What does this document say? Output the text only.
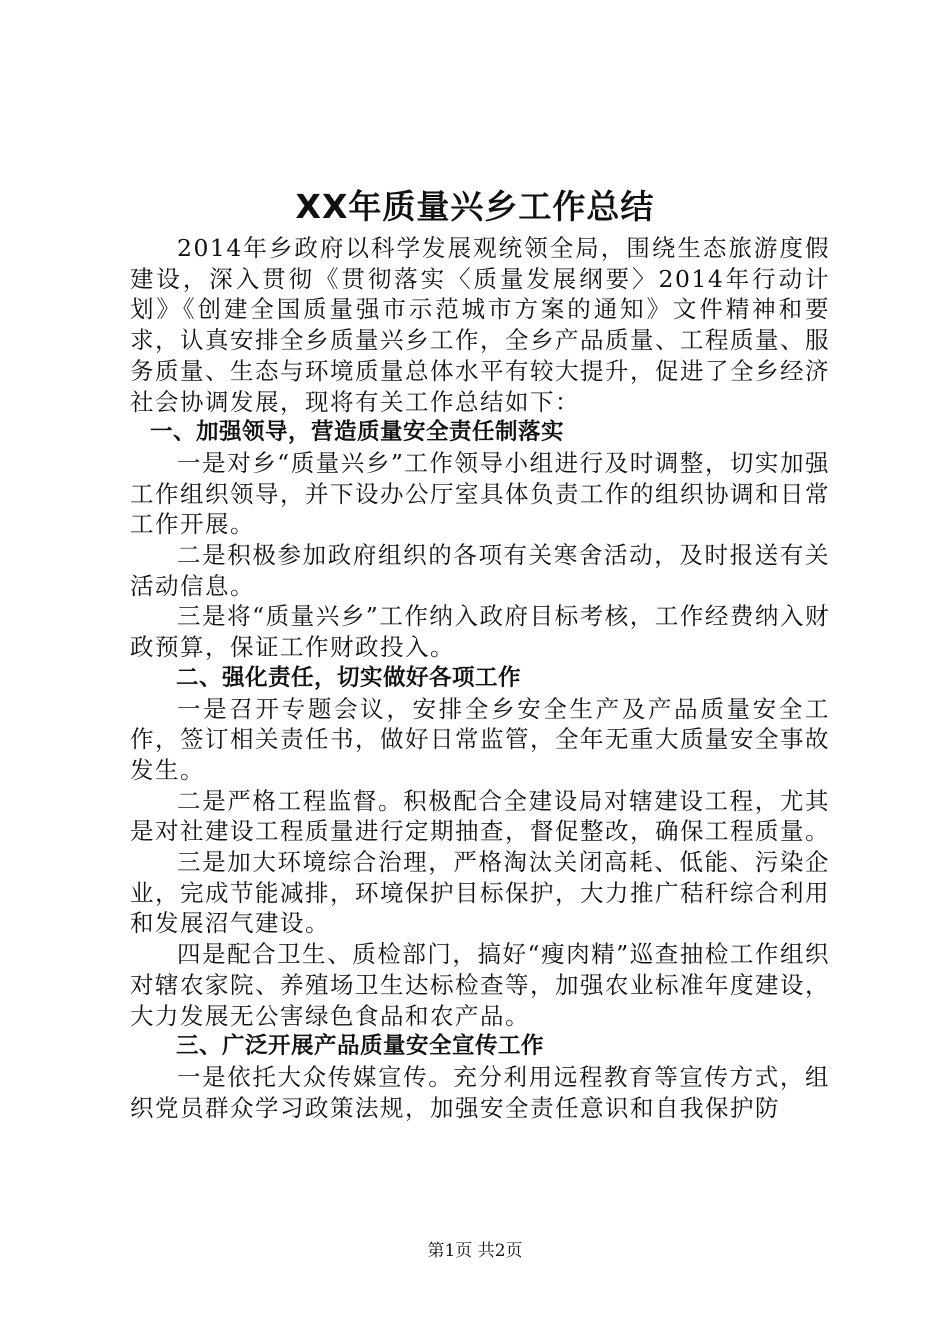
XX年质量兴乡工作总结

2014年乡政府以科学发展观统领全局，围绕生态旅游度假建设，深入贯彻《贯彻落实〈质量发展纲要〉2014年行动计划》《创建全国质量强市示范城市方案的通知》文件精神和要求，认真安排全乡质量兴乡工作，全乡产品质量、工程质量、服务质量、生态与环境质量总体水平有较大提升，促进了全乡经济社会协调发展，现将有关工作总结如下：

一、加强领导，营造质量安全责任制落实

一是对乡“质量兴乡”工作领导小组进行及时调整，切实加强工作组织领导，并下设办公厅室具体负责工作的组织协调和日常工作开展。

二是积极参加政府组织的各项有关寒舍活动，及时报送有关活动信息。

三是将“质量兴乡”工作纳入政府目标考核，工作经费纳入财政预算，保证工作财政投入。

二、强化责任，切实做好各项工作

一是召开专题会议，安排全乡安全生产及产品质量安全工作，签订相关责任书，做好日常监管，全年无重大质量安全事故发生。

二是严格工程监督。积极配合全建设局对辖建设工程，尤其是对社建设工程质量进行定期抽查，督促整改，确保工程质量。

三是加大环境综合治理，严格淘汰关闭高耗、低能、污染企业，完成节能减排，环境保护目标保护，大力推广秸秆综合利用和发展沼气建设。

四是配合卫生、质检部门，搞好“瘦肉精”巡查抽检工作组织对辖农家院、养殖场卫生达标检查等，加强农业标准年度建设，大力发展无公害绿色食品和农产品。

三、广泛开展产品质量安全宣传工作

一是依托大众传媒宣传。充分利用远程教育等宣传方式，组织党员群众学习政策法规，加强安全责任意识和自我保护防

第1页 共2页
